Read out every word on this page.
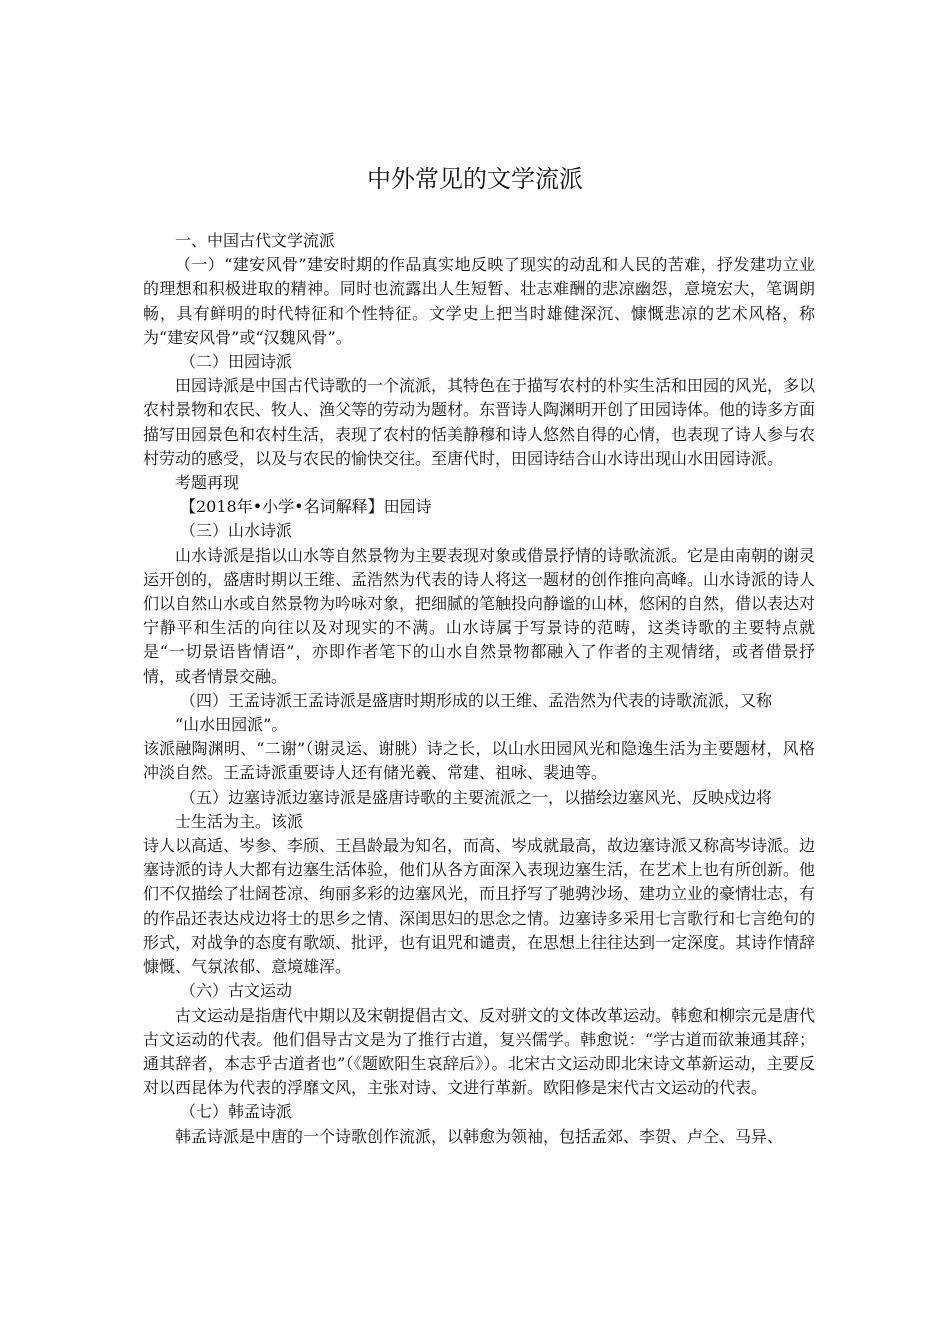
中外常见的文学流派

一、中国古代文学流派

（一）“建安风骨”建安时期的作品真实地反映了现实的动乱和人民的苦难，抒发建功立业的理想和积极进取的精神。同时也流露出人生短暂、壮志难酬的悲凉幽怨，意境宏大，笔调朗畅，具有鲜明的时代特征和个性特征。文学史上把当时雄健深沉、慷慨悲凉的艺术风格，称为“建安风骨”或“汉魏风骨”。

（二）田园诗派

田园诗派是中国古代诗歌的一个流派，其特色在于描写农村的朴实生活和田园的风光，多以农村景物和农民、牧人、渔父等的劳动为题材。东晋诗人陶渊明开创了田园诗体。他的诗多方面描写田园景色和农村生活，表现了农村的恬美静穆和诗人悠然自得的心情，也表现了诗人参与农村劳动的感受，以及与农民的愉快交往。至唐代时，田园诗结合山水诗出现山水田园诗派。

考题再现

【2018年•小学•名词解释】田园诗

（三）山水诗派

山水诗派是指以山水等自然景物为主要表现对象或借景抒情的诗歌流派。它是由南朝的谢灵运开创的，盛唐时期以王维、孟浩然为代表的诗人将这一题材的创作推向高峰。山水诗派的诗人们以自然山水或自然景物为吟咏对象，把细腻的笔触投向静谧的山林，悠闲的自然，借以表达对宁静平和生活的向往以及对现实的不满。山水诗属于写景诗的范畴，这类诗歌的主要特点就是“一切景语皆情语”，亦即作者笔下的山水自然景物都融入了作者的主观情绪，或者借景抒情，或者情景交融。

（四）王孟诗派王孟诗派是盛唐时期形成的以王维、孟浩然为代表的诗歌流派，又称

“山水田园派”。

该派融陶渊明、“二谢”（谢灵运、谢朓）诗之长，以山水田园风光和隐逸生活为主要题材，风格冲淡自然。王孟诗派重要诗人还有储光羲、常建、祖咏、裴迪等。

（五）边塞诗派边塞诗派是盛唐诗歌的主要流派之一，以描绘边塞风光、反映戍边将

士生活为主。该派

诗人以高适、岑参、李颀、王昌龄最为知名，而高、岑成就最高，故边塞诗派又称高岑诗派。边塞诗派的诗人大都有边塞生活体验，他们从各方面深入表现边塞生活，在艺术上也有所创新。他们不仅描绘了壮阔苍凉、绚丽多彩的边塞风光，而且抒写了驰骋沙场、建功立业的豪情壮志，有的作品还表达戍边将士的思乡之情、深闺思妇的思念之情。边塞诗多采用七言歌行和七言绝句的形式，对战争的态度有歌颂、批评，也有诅咒和谴责，在思想上往往达到一定深度。其诗作情辞慷慨、气氛浓郁、意境雄浑。

（六）古文运动

古文运动是指唐代中期以及宋朝提倡古文、反对骈文的文体改革运动。韩愈和柳宗元是唐代古文运动的代表。他们倡导古文是为了推行古道，复兴儒学。韩愈说：“学古道而欲兼通其辞；通其辞者，本志乎古道者也”（《题欧阳生哀辞后》）。北宋古文运动即北宋诗文革新运动，主要反对以西昆体为代表的浮靡文风，主张对诗、文进行革新。欧阳修是宋代古文运动的代表。

（七）韩孟诗派

韩孟诗派是中唐的一个诗歌创作流派，以韩愈为领袖，包括孟郊、李贺、卢仝、马异、
